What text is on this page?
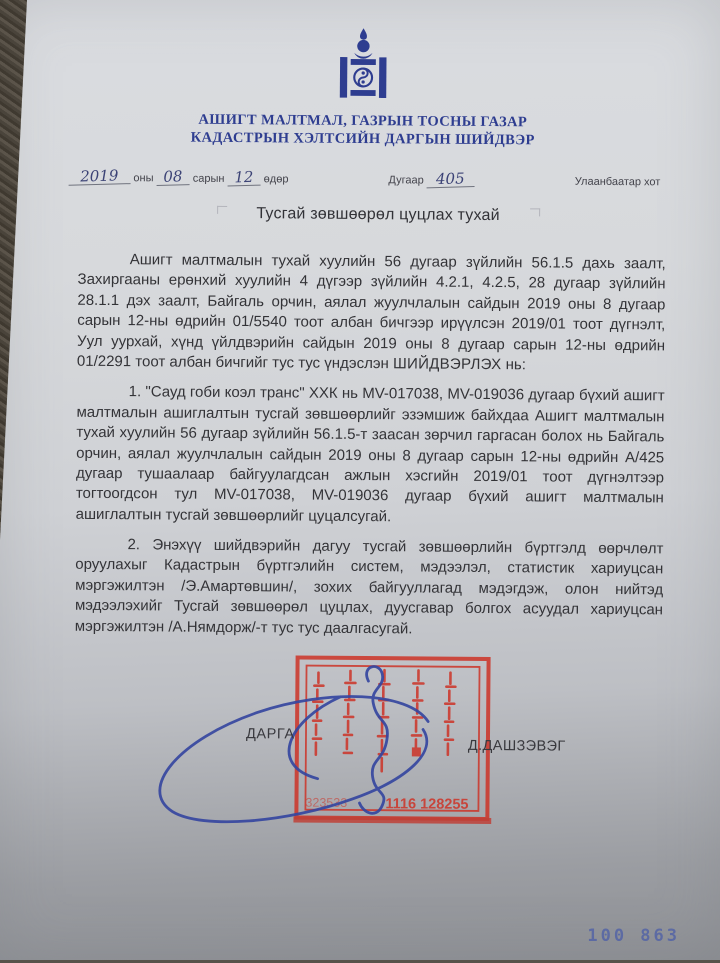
АШИГТ МАЛТМАЛ, ГАЗРЫН ТОСНЫ ГАЗАР
КАДАСТРЫН ХЭЛТСИЙН ДАРГЫН ШИЙДВЭР
2019 оны 08 сарын 12 өдөр	Дугаар 405	Улаанбаатар хот
Тусгай зөвшөөрөл цуцлах тухай

Ашигт малтмалын тухай хуулийн 56 дугаар зүйлийн 56.1.5 дахь заалт, Захиргааны ерөнхий хуулийн 4 дүгээр зүйлийн 4.2.1, 4.2.5, 28 дугаар зүйлийн 28.1.1 дэх заалт, Байгаль орчин, аялал жуулчлалын сайдын 2019 оны 8 дугаар сарын 12-ны өдрийн 01/5540 тоот албан бичгээр ирүүлсэн 2019/01 тоот дүгнэлт, Уул уурхай, хүнд үйлдвэрийн сайдын 2019 оны 8 дугаар сарын 12-ны өдрийн 01/2291 тоот албан бичгийг тус тус үндэслэн ШИЙДВЭРЛЭХ нь:

1. "Сауд гоби коэл транс" ХХК нь MV-017038, MV-019036 дугаар бүхий ашигт малтмалын ашиглалтын тусгай зөвшөөрлийг эзэмшиж байхдаа Ашигт малтмалын тухай хуулийн 56 дугаар зүйлийн 56.1.5-т заасан зөрчил гаргасан болох нь Байгаль орчин, аялал жуулчлалын сайдын 2019 оны 8 дугаар сарын 12-ны өдрийн А/425 дугаар тушаалаар байгуулагдсан ажлын хэсгийн 2019/01 тоот дүгнэлтээр тогтоогдсон тул MV-017038, MV-019036 дугаар бүхий ашигт малтмалын ашиглалтын тусгай зөвшөөрлийг цуцалсугай.

2. Энэхүү шийдвэрийн дагуу тусгай зөвшөөрлийн бүртгэлд өөрчлөлт оруулахыг Кадастрын бүртгэлийн систем, мэдээлэл, статистик хариуцсан мэргэжилтэн /Э.Амартөвшин/, зохих байгууллагад мэдэгдэж, олон нийтэд мэдээлэхийг Тусгай зөвшөөрөл цуцлах, дуусгавар болгох асуудал хариуцсан мэргэжилтэн /А.Нямдорж/-т тус тус даалгасугай.

323533	1116 128255
ДАРГА
Д.ДАШЗЭВЭГ
100 863
